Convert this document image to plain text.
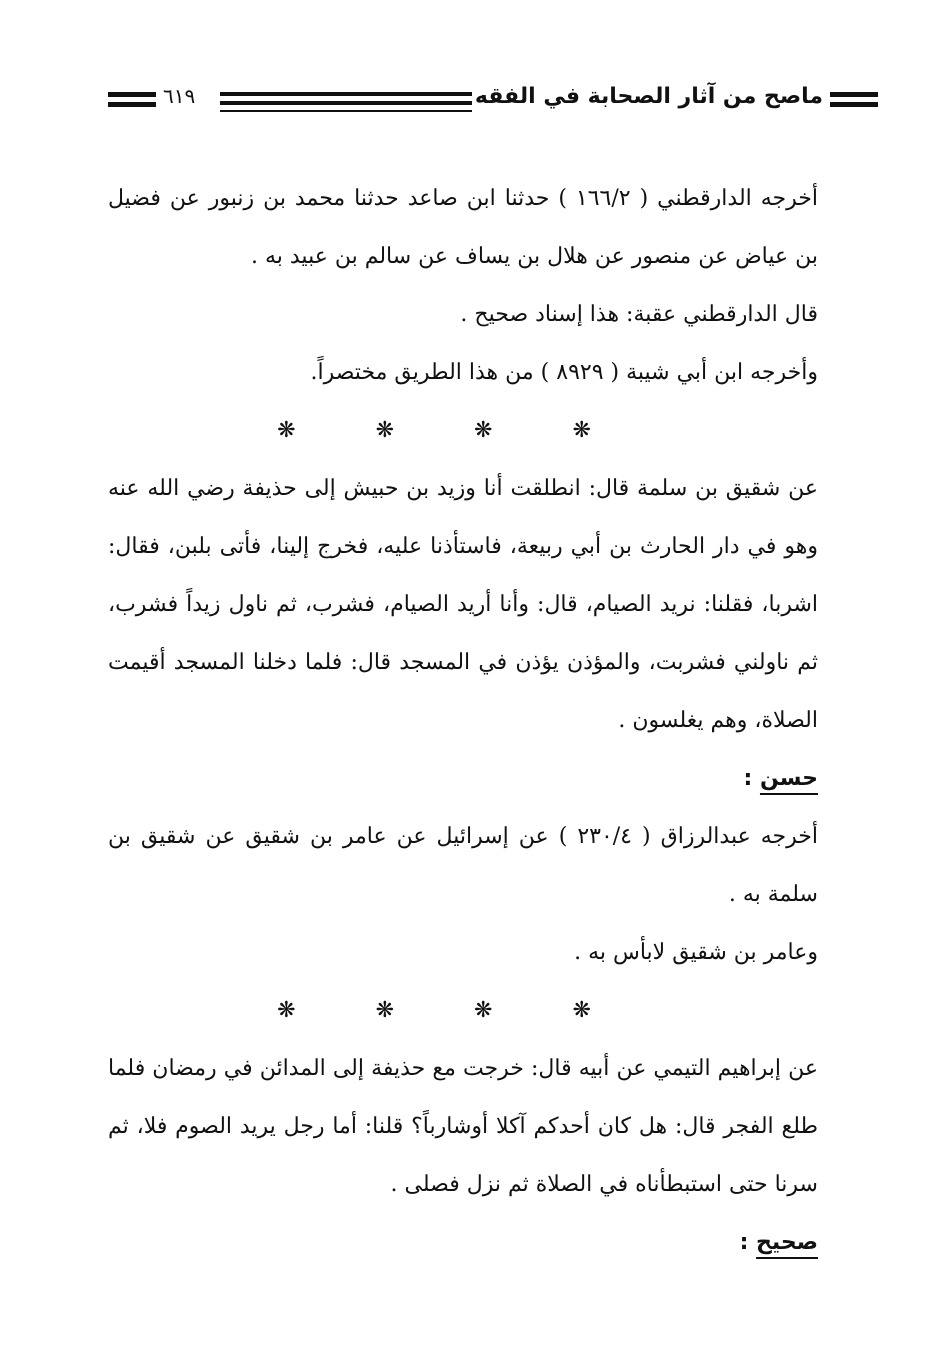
ماصح من آثار الصحابة في الفقه
٦١٩

أخرجه الدارقطني ( ١٦٦/٢ ) حدثنا ابن صاعد حدثنا محمد بن زنبور عن فضيل بن عياض عن منصور عن هلال بن يساف عن سالم بن عبيد به .

قال الدارقطني عقبة: هذا إسناد صحيح .

وأخرجه ابن أبي شيبة ( ٨٩٢٩ ) من هذا الطريق مختصراً.

❋❋❋❋

عن شقيق بن سلمة قال: انطلقت أنا وزيد بن حبيش إلى حذيفة رضي الله عنه وهو في دار الحارث بن أبي ربيعة، فاستأذنا عليه، فخرج إلينا، فأتى بلبن، فقال: اشربا، فقلنا: نريد الصيام، قال: وأنا أريد الصيام، فشرب، ثم ناول زيداً فشرب، ثم ناولني فشربت، والمؤذن يؤذن في المسجد قال: فلما دخلنا المسجد أقيمت الصلاة، وهم يغلسون .

حسن :

أخرجه عبدالرزاق ( ٢٣٠/٤ ) عن إسرائيل عن عامر بن شقيق عن شقيق بن سلمة به .

وعامر بن شقيق لابأس به .

❋❋❋❋

عن إبراهيم التيمي عن أبيه قال: خرجت مع حذيفة إلى المدائن في رمضان فلما طلع الفجر قال: هل كان أحدكم آكلا أوشارباً؟ قلنا: أما رجل يريد الصوم فلا، ثم سرنا حتى استبطأناه في الصلاة ثم نزل فصلى .

صحيح :
